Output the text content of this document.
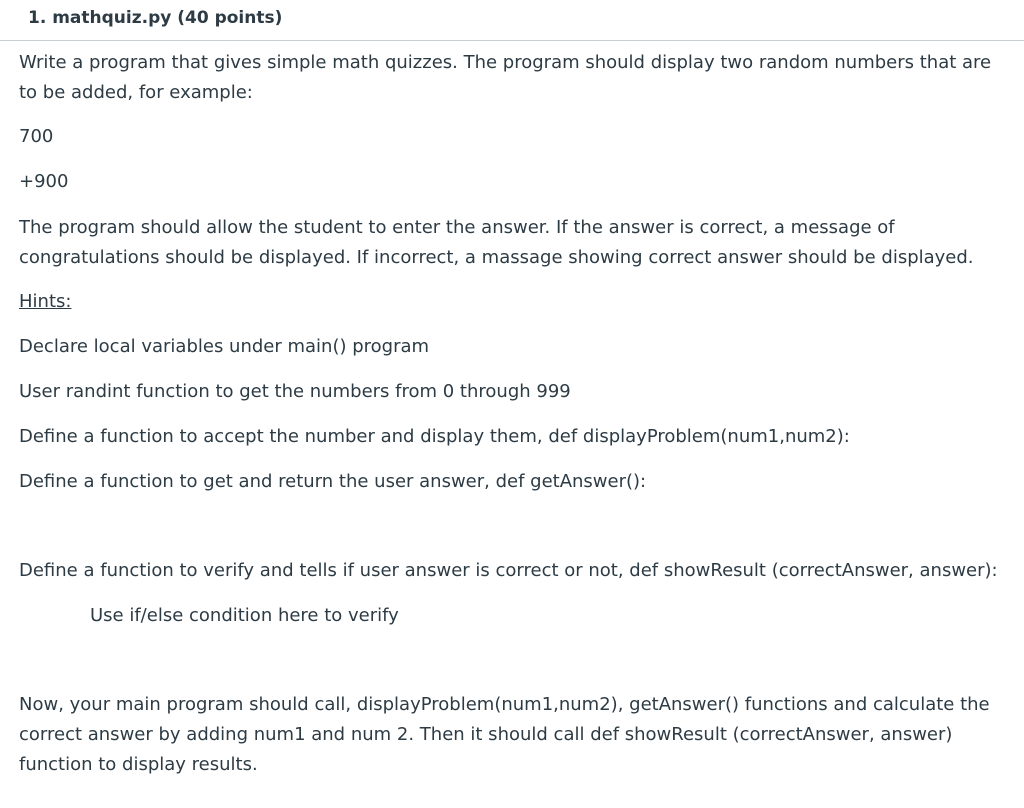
1. mathquiz.py (40 points)
Write a program that gives simple math quizzes. The program should display two random numbers that are to be added, for example:
700
+900
The program should allow the student to enter the answer. If the answer is correct, a message of congratulations should be displayed. If incorrect, a massage showing correct answer should be displayed.
Hints:
Declare local variables under main() program
User randint function to get the numbers from 0 through 999
Define a function to accept the number and display them, def displayProblem(num1,num2):
Define a function to get and return the user answer, def getAnswer():
Define a function to verify and tells if user answer is correct or not, def showResult (correctAnswer, answer):
Use if/else condition here to verify
Now, your main program should call, displayProblem(num1,num2), getAnswer() functions and calculate the correct answer by adding num1 and num 2. Then it should call def showResult (correctAnswer, answer) function to display results.
